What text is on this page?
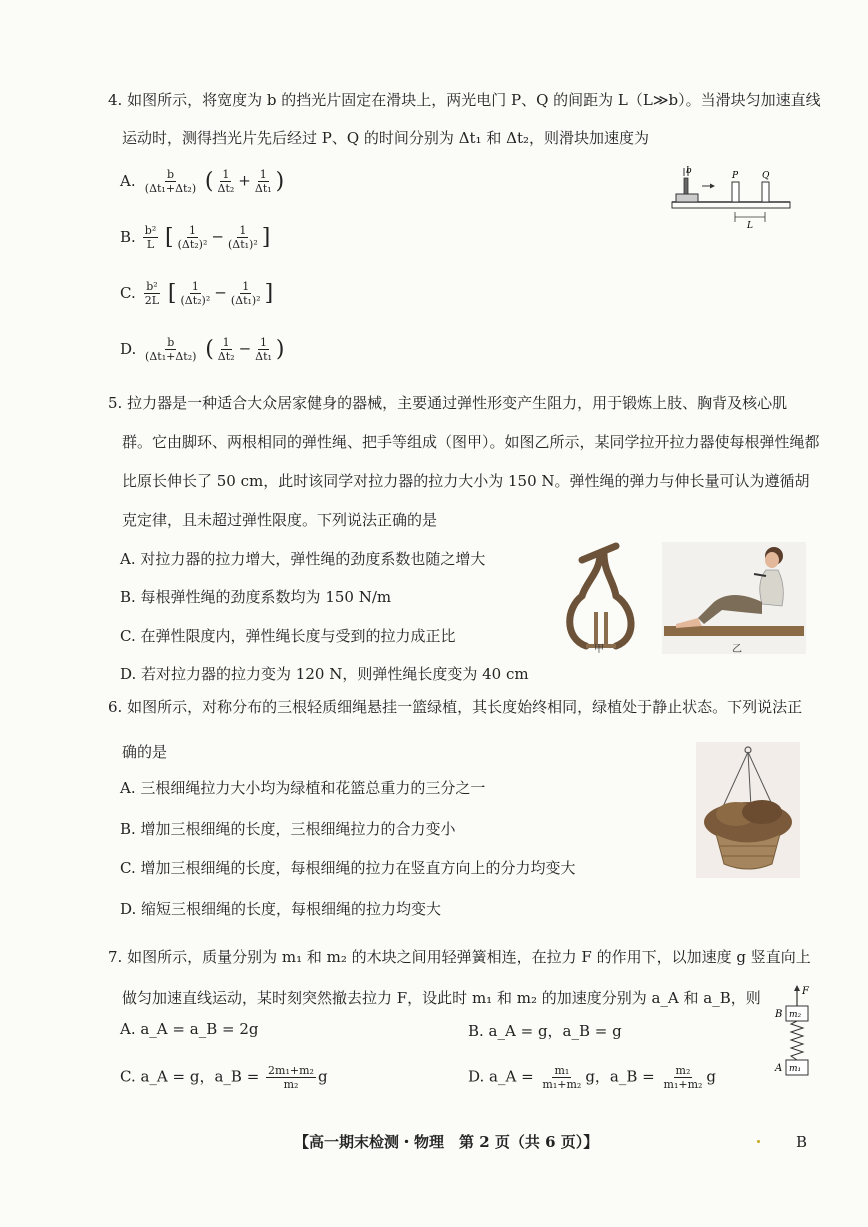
4. 如图所示，将宽度为 b 的挡光片固定在滑块上，两光电门 P、Q 的间距为 L（L≫b）。当滑块匀加速直线
运动时，测得挡光片先后经过 P、Q 的时间分别为 Δt₁ 和 Δt₂，则滑块加速度为
A. $\frac{b}{\text{(Δt₁+Δt₂)}}$ ( $\frac{1}{\text{Δt₂}} + \frac{1}{\text{Δt₁}}$ )
B. $\frac{\text{b²}}{L}$ [ $\frac{1}{\text{(Δt₂)²}} - \frac{1}{\text{(Δt₁)²}}$ ]
C. $\frac{\text{b²}}{2L}$ [ $\frac{1}{\text{(Δt₂)²}} - \frac{1}{\text{(Δt₁)²}}$ ]
D. $\frac{b}{\text{(Δt₁+Δt₂)}}$ ( $\frac{1}{\text{Δt₂}} - \frac{1}{\text{Δt₁}}$ )
b	P	Q
L
5. 拉力器是一种适合大众居家健身的器械，主要通过弹性形变产生阻力，用于锻炼上肢、胸背及核心肌
群。它由脚环、两根相同的弹性绳、把手等组成（图甲）。如图乙所示，某同学拉开拉力器使每根弹性绳都
比原长伸长了 50 cm，此时该同学对拉力器的拉力大小为 150 N。弹性绳的弹力与伸长量可认为遵循胡
克定律，且未超过弹性限度。下列说法正确的是
A. 对拉力器的拉力增大，弹性绳的劲度系数也随之增大
B. 每根弹性绳的劲度系数均为 150 N/m
C. 在弹性限度内，弹性绳长度与受到的拉力成正比
D. 若对拉力器的拉力变为 120 N，则弹性绳长度变为 40 cm
甲	乙
6. 如图所示，对称分布的三根轻质细绳悬挂一篮绿植，其长度始终相同，绿植处于静止状态。下列说法正
确的是
A. 三根细绳拉力大小均为绿植和花篮总重力的三分之一
B. 增加三根细绳的长度，三根细绳拉力的合力变小
C. 增加三根细绳的长度，每根细绳的拉力在竖直方向上的分力均变大
D. 缩短三根细绳的长度，每根细绳的拉力均变大
7. 如图所示，质量分别为 m₁ 和 m₂ 的木块之间用轻弹簧相连，在拉力 F 的作用下，以加速度 g 竖直向上
做匀加速直线运动，某时刻突然撤去拉力 F，设此时 m₁ 和 m₂ 的加速度分别为 a_A 和 a_B，则
A. a_A = a_B = 2g	B. a_A = g，a_B = g
C. a_A = g，a_B = $\frac{\text{2m₁+m₂}}{\text{m₂}}$ g	D. a_A = $\frac{\text{m₁}}{\text{m₁+m₂}}$ g，a_B = $\frac{\text{m₂}}{\text{m₁+m₂}}$ g
F
m₂
B
m₁
A
【高一期末检测・物理　第 2 页（共 6 页）】	B
